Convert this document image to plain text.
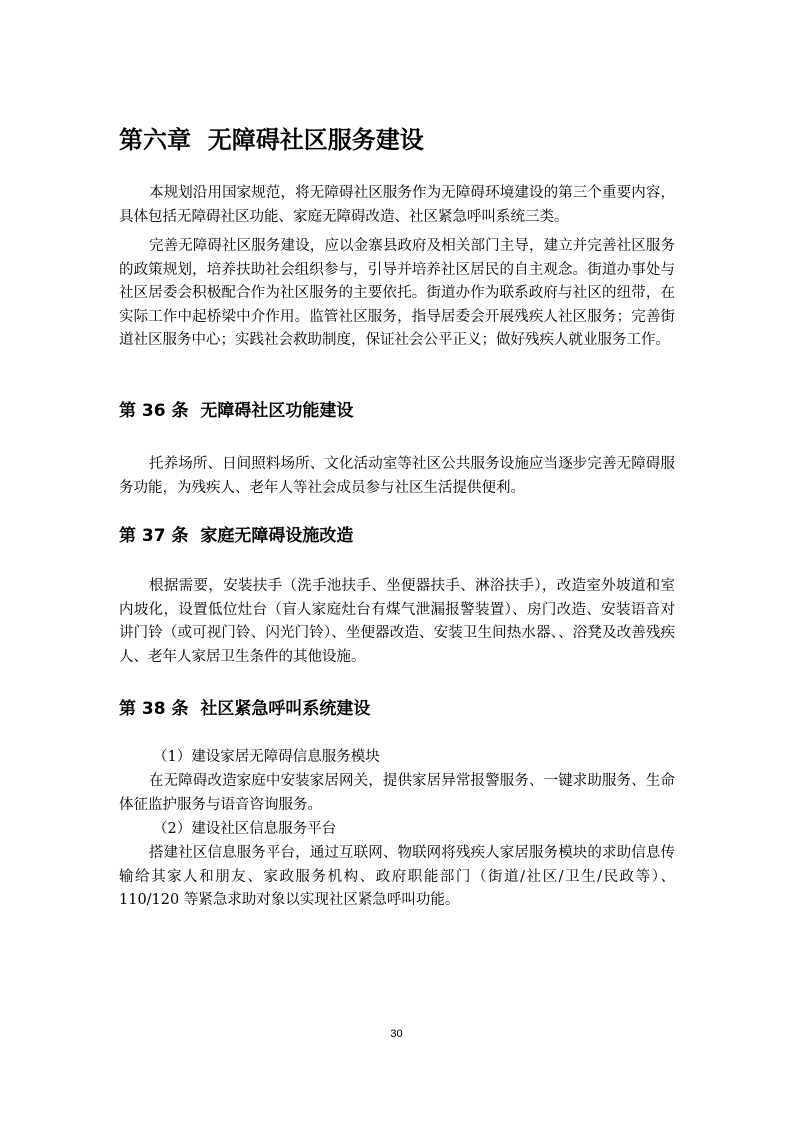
第六章  无障碍社区服务建设

本规划沿用国家规范，将无障碍社区服务作为无障碍环境建设的第三个重要内容，具体包括无障碍社区功能、家庭无障碍改造、社区紧急呼叫系统三类。

完善无障碍社区服务建设，应以金寨县政府及相关部门主导，建立并完善社区服务的政策规划，培养扶助社会组织参与，引导并培养社区居民的自主观念。街道办事处与社区居委会积极配合作为社区服务的主要依托。街道办作为联系政府与社区的纽带，在实际工作中起桥梁中介作用。监管社区服务，指导居委会开展残疾人社区服务；完善街道社区服务中心；实践社会救助制度，保证社会公平正义；做好残疾人就业服务工作。

第 36 条  无障碍社区功能建设

托养场所、日间照料场所、文化活动室等社区公共服务设施应当逐步完善无障碍服务功能，为残疾人、老年人等社会成员参与社区生活提供便利。

第 37 条  家庭无障碍设施改造

根据需要，安装扶手（洗手池扶手、坐便器扶手、淋浴扶手），改造室外坡道和室内坡化，设置低位灶台（盲人家庭灶台有煤气泄漏报警装置）、房门改造、安装语音对讲门铃（或可视门铃、闪光门铃）、坐便器改造、安装卫生间热水器、、浴凳及改善残疾人、老年人家居卫生条件的其他设施。

第 38 条  社区紧急呼叫系统建设

（1）建设家居无障碍信息服务模块

在无障碍改造家庭中安装家居网关，提供家居异常报警服务、一键求助服务、生命体征监护服务与语音咨询服务。

（2）建设社区信息服务平台

搭建社区信息服务平台，通过互联网、物联网将残疾人家居服务模块的求助信息传输给其家人和朋友、家政服务机构、政府职能部门（街道/社区/卫生/民政等）、110/120 等紧急求助对象以实现社区紧急呼叫功能。

30
